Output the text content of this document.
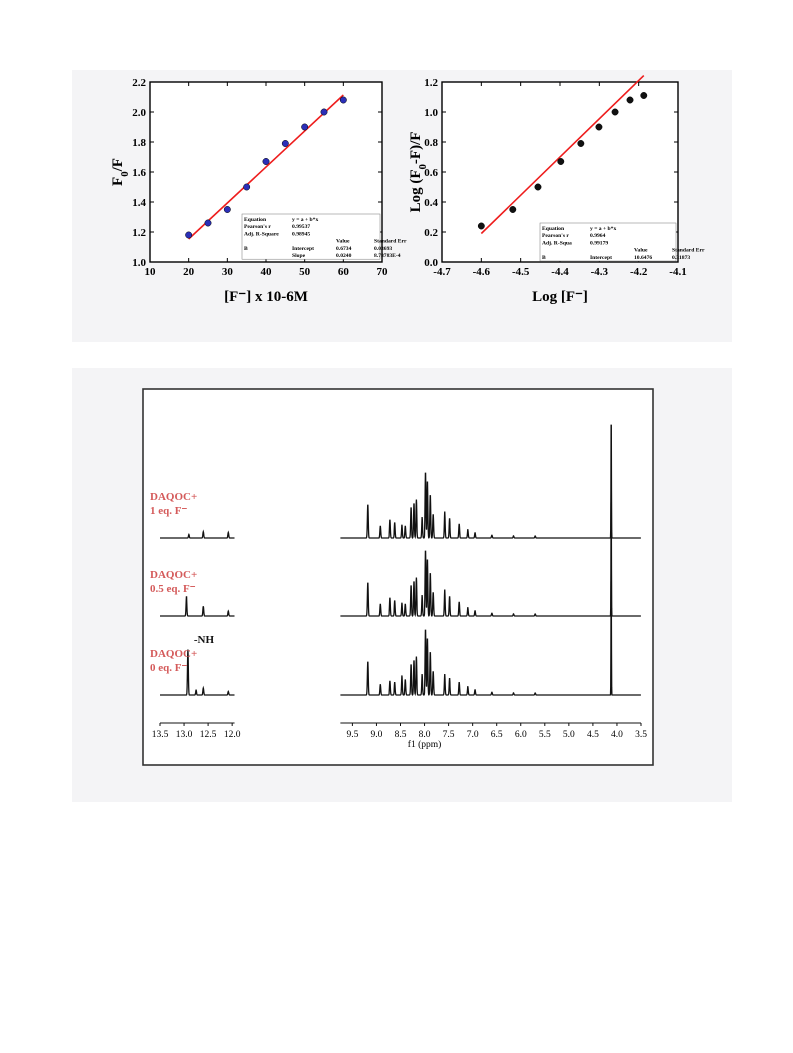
10	20	30	40	50	60	70
1.0
1.2
1.4
1.6
1.8
2.0
2.2
[F⁻] x 10-6M
$F_0/F$
Equation	y = a + b*x
Pearson's r	0.99537
Adj. R-Square 0.98945
Value	Standard Err
B	Intercept	0.6734	0.03693
Slope	0.0240	8.78783E-4
-4.7 -4.6 -4.5 -4.4 -4.3 -4.2 -4.1
0.0
0.2
0.4
0.6
0.8
1.0
1.2
Log [F⁻]
Log $(F_0-F)/F$
Equation	y = a + b*x
Pearson's r	0.9964
Adj. R-Squa	0.99179
Value	Standard Err
B	Intercept	10.6476	0.31873
DAQOC+
1 eq. F⁻
DAQOC+
0.5 eq. F⁻
DAQOC+
0 eq. F⁻
-NH
13.5 13.0 12.5 12.0	9.5 9.0 8.5 8.0 7.5 7.0 6.5 6.0 5.5 5.0 4.5 4.0 3.5
f1 (ppm)
